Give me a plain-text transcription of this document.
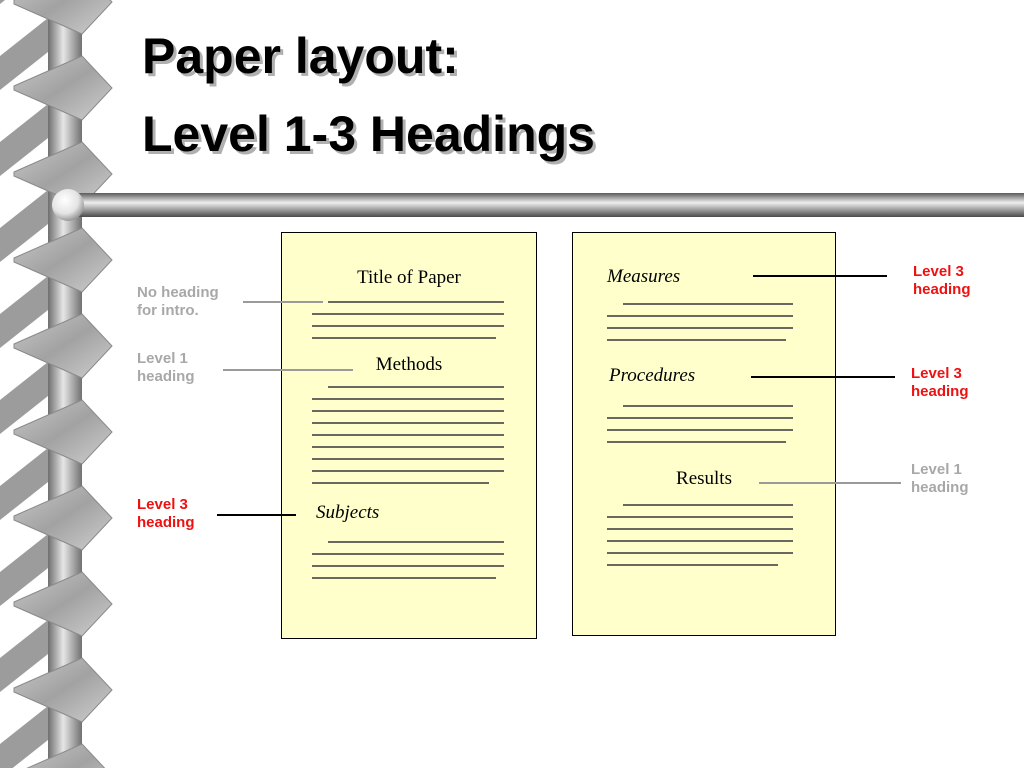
Paper layout:
Level 1-3 Headings
Title of Paper
Methods
Subjects
Measures
Procedures
Results
No heading
for intro.
Level 1
heading
Level 3
heading
Level 3
heading
Level 3
heading
Level 1
heading
